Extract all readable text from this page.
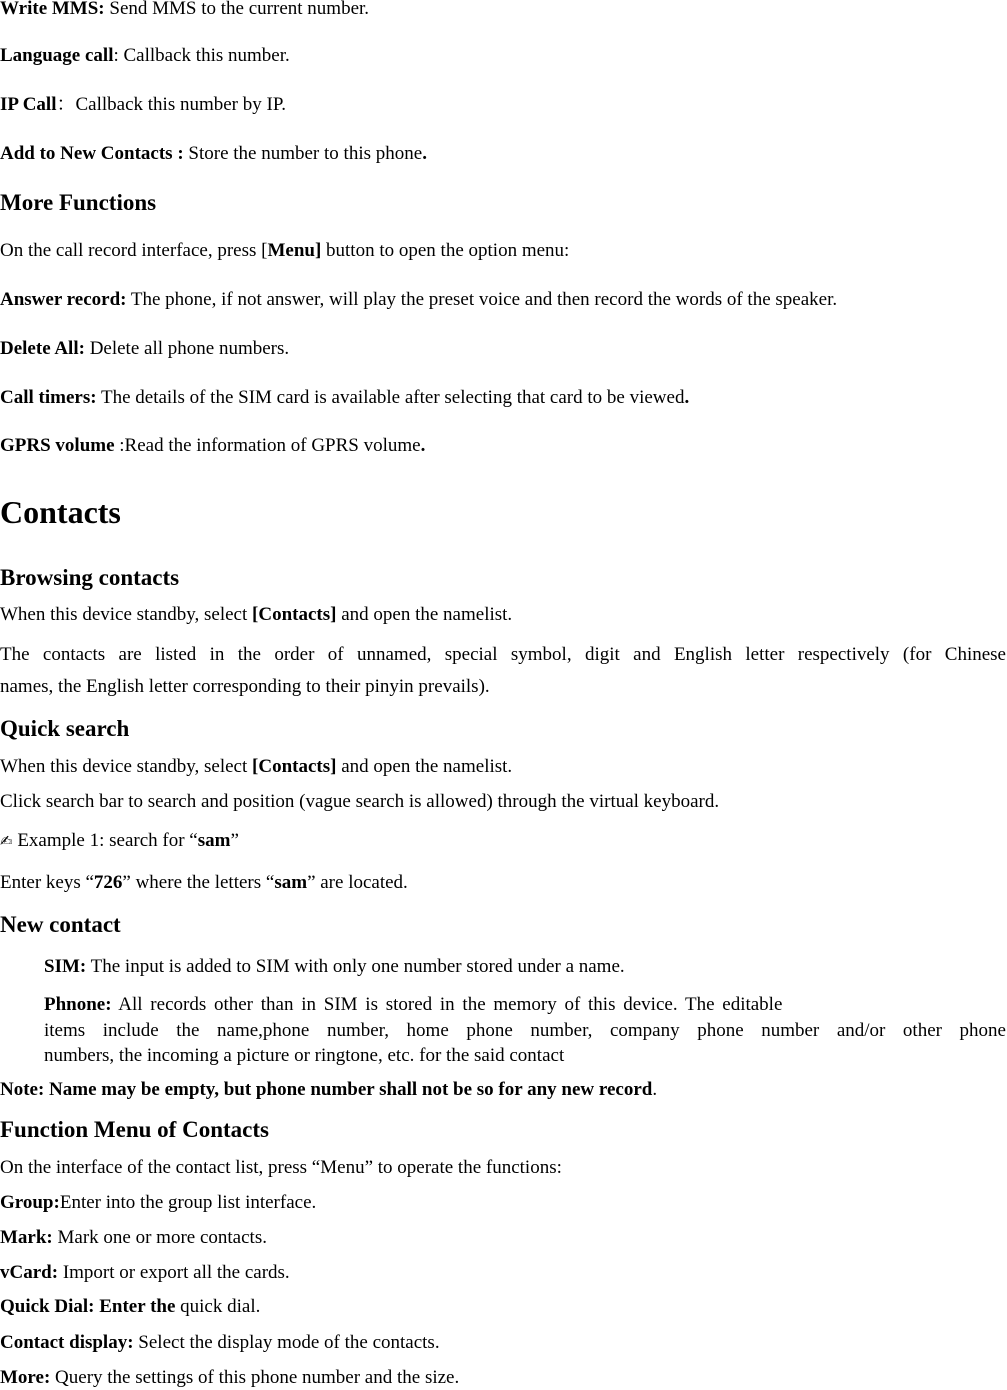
Write MMS: Send MMS to the current number.
Language call: Callback this number.
IP Call：Callback this number by IP.
Add to New Contacts : Store the number to this phone.
More Functions
On the call record interface, press [Menu] button to open the option menu:
Answer record: The phone, if not answer, will play the preset voice and then record the words of the speaker.
Delete All: Delete all phone numbers.
Call timers: The details of the SIM card is available after selecting that card to be viewed.
GPRS volume :Read the information of GPRS volume.
Contacts
Browsing contacts
When this device standby, select [Contacts] and open the namelist.
The contacts are listed in the order of unnamed, special symbol, digit and English letter respectively (for Chinese
names, the English letter corresponding to their pinyin prevails).
Quick search
When this device standby, select [Contacts] and open the namelist.
Click search bar to search and position (vague search is allowed) through the virtual keyboard.
✍ Example 1: search for “sam”
Enter keys “726” where the letters “sam” are located.
New contact
SIM: The input is added to SIM with only one number stored under a name.
Phnone: All records other than in SIM is stored in the memory of this device. The editable
items include the name,phone number, home phone number, company phone number and/or other phone
numbers, the incoming a picture or ringtone, etc. for the said contact
Note: Name may be empty, but phone number shall not be so for any new record.
Function Menu of Contacts
On the interface of the contact list, press “Menu” to operate the functions:
Group:Enter into the group list interface.
Mark: Mark one or more contacts.
vCard: Import or export all the cards.
Quick Dial: Enter the quick dial.
Contact display: Select the display mode of the contacts.
More: Query the settings of this phone number and the size.
